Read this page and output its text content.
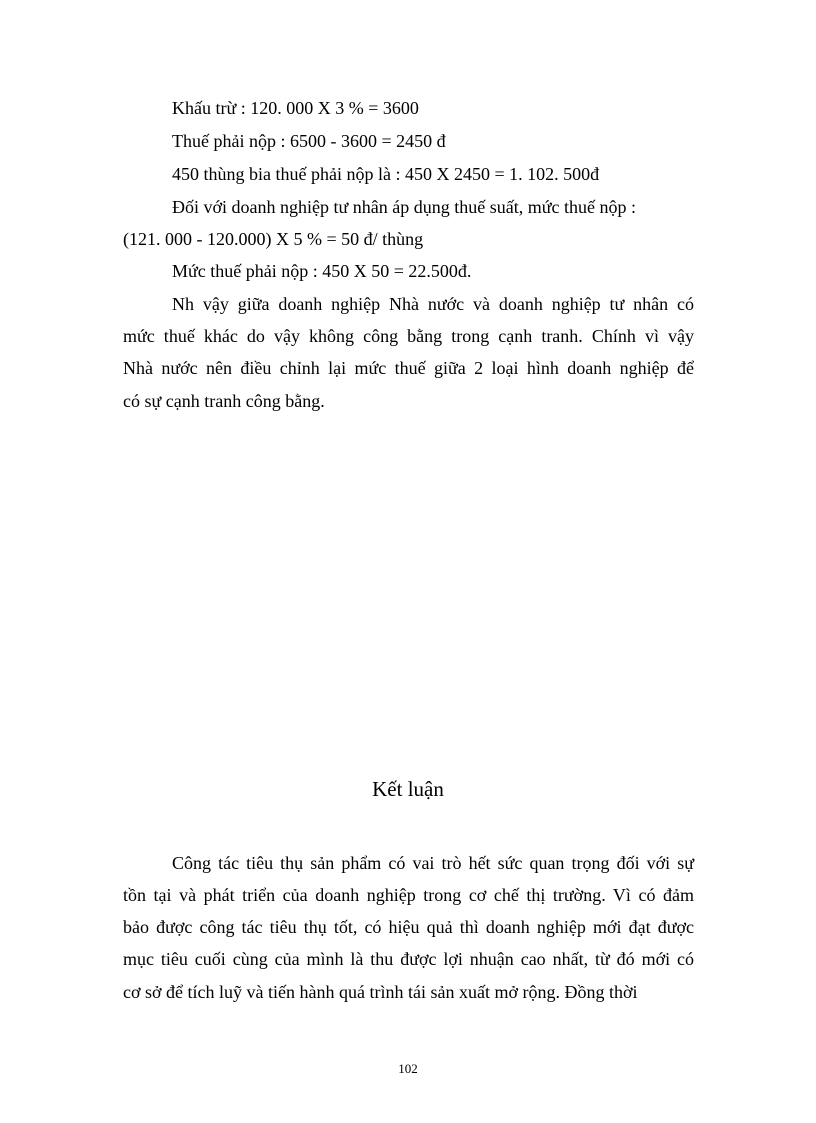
Khấu trừ : 120. 000 X 3 % = 3600
Thuế phải nộp : 6500 - 3600 = 2450 đ
450 thùng bia thuế phải nộp là : 450 X 2450 = 1. 102. 500đ
Đối với doanh nghiệp tư nhân áp dụng thuế suất, mức thuế nộp :
(121. 000 - 120.000) X 5 % = 50 đ/ thùng
Mức thuế phải nộp : 450 X 50 = 22.500đ.
Nh vậy giữa doanh nghiệp Nhà nước và doanh nghiệp tư nhân có
mức thuế khác do vậy không công bằng trong cạnh tranh. Chính vì vậy
Nhà nước nên điều chỉnh lại mức thuế giữa 2 loại hình doanh nghiệp để
có sự cạnh tranh công bằng.
Kết luận
Công tác tiêu thụ sản phẩm có vai trò hết sức quan trọng đối với sự
tồn tại và phát triển của doanh nghiệp trong cơ chế thị trường. Vì có đảm
bảo được công tác tiêu thụ tốt, có hiệu quả thì doanh nghiệp mới đạt được
mục tiêu cuối cùng của mình là thu được lợi nhuận cao nhất, từ đó mới có
cơ sở để tích luỹ và tiến hành quá trình tái sản xuất mở rộng. Đồng thời
102
